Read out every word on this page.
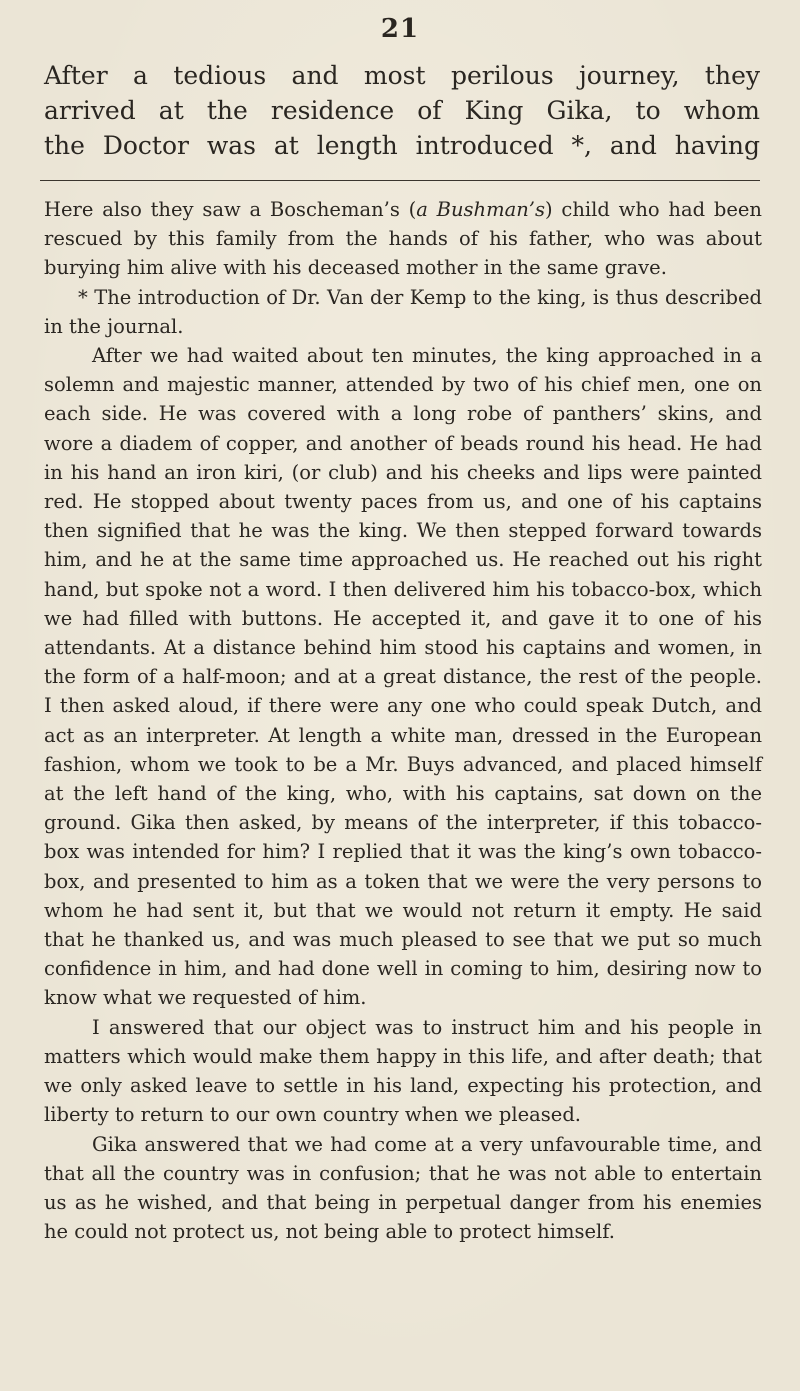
21
After a tedious and most perilous journey, they
arrived at the residence of King Gika, to whom
the Doctor was at length introduced *, and having

Here also they saw a Boscheman’s (a Bushman’s) child who had been rescued by this family from the hands of his father, who was about burying him alive with his deceased mother in the same grave.

* The introduction of Dr. Van der Kemp to the king, is thus described in the journal.

After we had waited about ten minutes, the king approached in a solemn and majestic manner, attended by two of his chief men, one on each side. He was covered with a long robe of panthers’ skins, and wore a diadem of copper, and another of beads round his head. He had in his hand an iron kiri, (or club) and his cheeks and lips were painted red. He stopped about twenty paces from us, and one of his captains then signified that he was the king. We then stepped forward towards him, and he at the same time approached us. He reached out his right hand, but spoke not a word. I then delivered him his tobacco-box, which we had filled with buttons. He accepted it, and gave it to one of his attendants. At a distance behind him stood his captains and women, in the form of a half-moon; and at a great distance, the rest of the people. I then asked aloud, if there were any one who could speak Dutch, and act as an interpreter. At length a white man, dressed in the European fashion, whom we took to be a Mr. Buys advanced, and placed himself at the left hand of the king, who, with his captains, sat down on the ground. Gika then asked, by means of the interpreter, if this tobacco-box was intended for him? I replied that it was the king’s own tobacco-box, and presented to him as a token that we were the very persons to whom he had sent it, but that we would not return it empty. He said that he thanked us, and was much pleased to see that we put so much confidence in him, and had done well in coming to him, desiring now to know what we requested of him.

I answered that our object was to instruct him and his people in matters which would make them happy in this life, and after death; that we only asked leave to settle in his land, expecting his protection, and liberty to return to our own country when we pleased.

Gika answered that we had come at a very unfavourable time, and that all the country was in confusion; that he was not able to entertain us as he wished, and that being in perpetual danger from his enemies he could not protect us, not being able to protect himself.
